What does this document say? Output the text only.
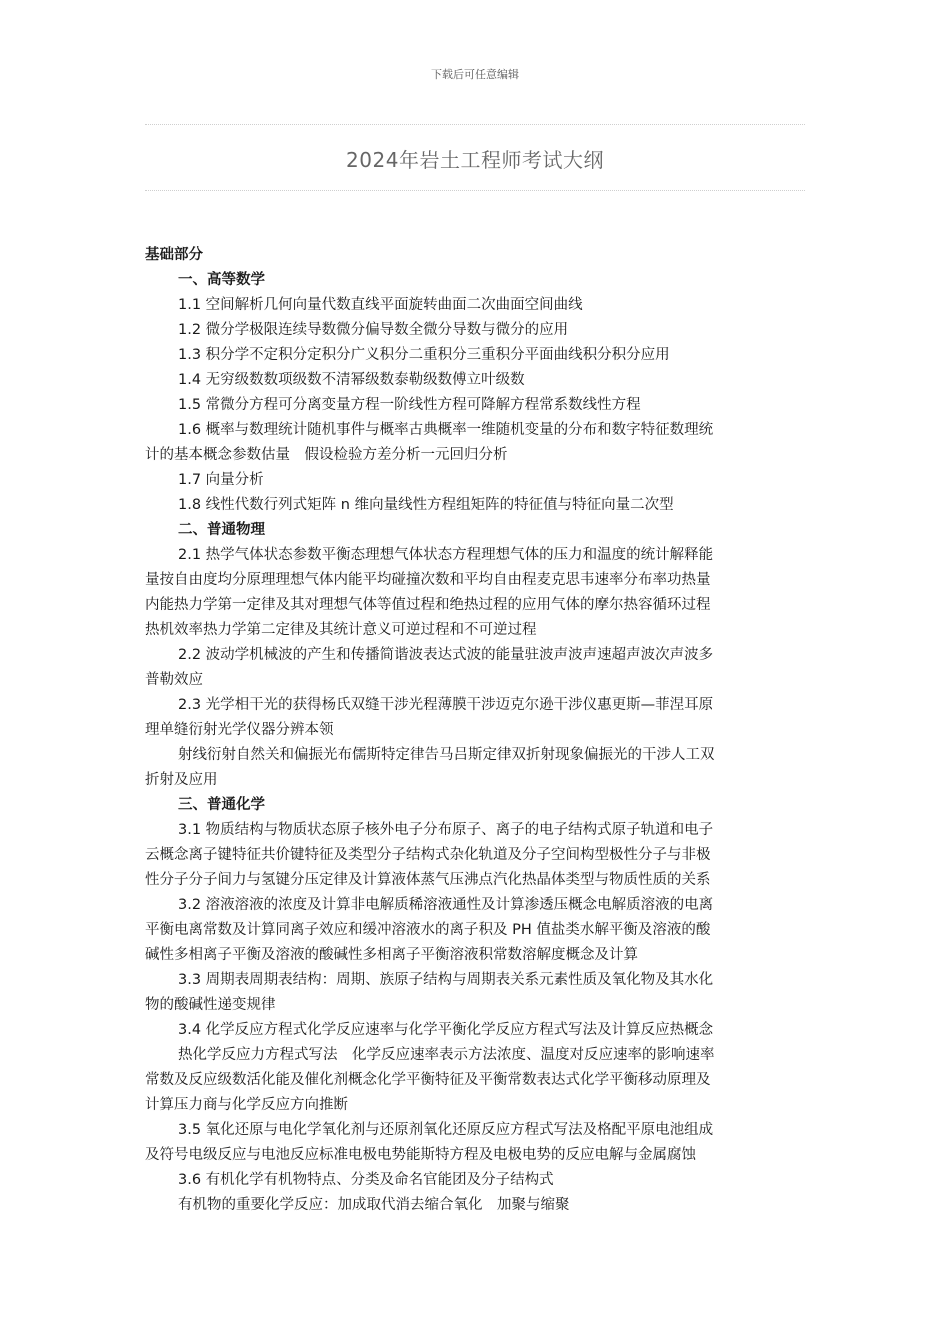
下载后可任意编辑
2024年岩土工程师考试大纲
基础部分
一、高等数学
1.1 空间解析几何向量代数直线平面旋转曲面二次曲面空间曲线
1.2 微分学极限连续导数微分偏导数全微分导数与微分的应用
1.3 积分学不定积分定积分广义积分二重积分三重积分平面曲线积分积分应用
1.4 无穷级数数项级数不清幂级数泰勒级数傅立叶级数
1.5 常微分方程可分离变量方程一阶线性方程可降解方程常系数线性方程
1.6 概率与数理统计随机事件与概率古典概率一维随机变量的分布和数字特征数理统
计的基本概念参数估量　假设检验方差分析一元回归分析
1.7 向量分析
1.8 线性代数行列式矩阵 n 维向量线性方程组矩阵的特征值与特征向量二次型
二、普通物理
2.1 热学气体状态参数平衡态理想气体状态方程理想气体的压力和温度的统计解释能
量按自由度均分原理理想气体内能平均碰撞次数和平均自由程麦克思韦速率分布率功热量
内能热力学第一定律及其对理想气体等值过程和绝热过程的应用气体的摩尔热容循环过程
热机效率热力学第二定律及其统计意义可逆过程和不可逆过程
2.2 波动学机械波的产生和传播简谐波表达式波的能量驻波声波声速超声波次声波多
普勒效应
2.3 光学相干光的获得杨氏双缝干涉光程薄膜干涉迈克尔逊干涉仪惠更斯—菲涅耳原
理单缝衍射光学仪器分辨本领
射线衍射自然关和偏振光布儒斯特定律告马吕斯定律双折射现象偏振光的干涉人工双
折射及应用
三、普通化学
3.1 物质结构与物质状态原子核外电子分布原子、离子的电子结构式原子轨道和电子
云概念离子键特征共价键特征及类型分子结构式杂化轨道及分子空间构型极性分子与非极
性分子分子间力与氢键分压定律及计算液体蒸气压沸点汽化热晶体类型与物质性质的关系
3.2 溶液溶液的浓度及计算非电解质稀溶液通性及计算渗透压概念电解质溶液的电离
平衡电离常数及计算同离子效应和缓冲溶液水的离子积及 PH 值盐类水解平衡及溶液的酸
碱性多相离子平衡及溶液的酸碱性多相离子平衡溶液积常数溶解度概念及计算
3.3 周期表周期表结构：周期、族原子结构与周期表关系元素性质及氧化物及其水化
物的酸碱性递变规律
3.4 化学反应方程式化学反应速率与化学平衡化学反应方程式写法及计算反应热概念
热化学反应力方程式写法　化学反应速率表示方法浓度、温度对反应速率的影响速率
常数及反应级数活化能及催化剂概念化学平衡特征及平衡常数表达式化学平衡移动原理及
计算压力商与化学反应方向推断
3.5 氧化还原与电化学氧化剂与还原剂氧化还原反应方程式写法及格配平原电池组成
及符号电级反应与电池反应标准电极电势能斯特方程及电极电势的反应电解与金属腐蚀
3.6 有机化学有机物特点、分类及命名官能团及分子结构式
有机物的重要化学反应：加成取代消去缩合氧化　加聚与缩聚
